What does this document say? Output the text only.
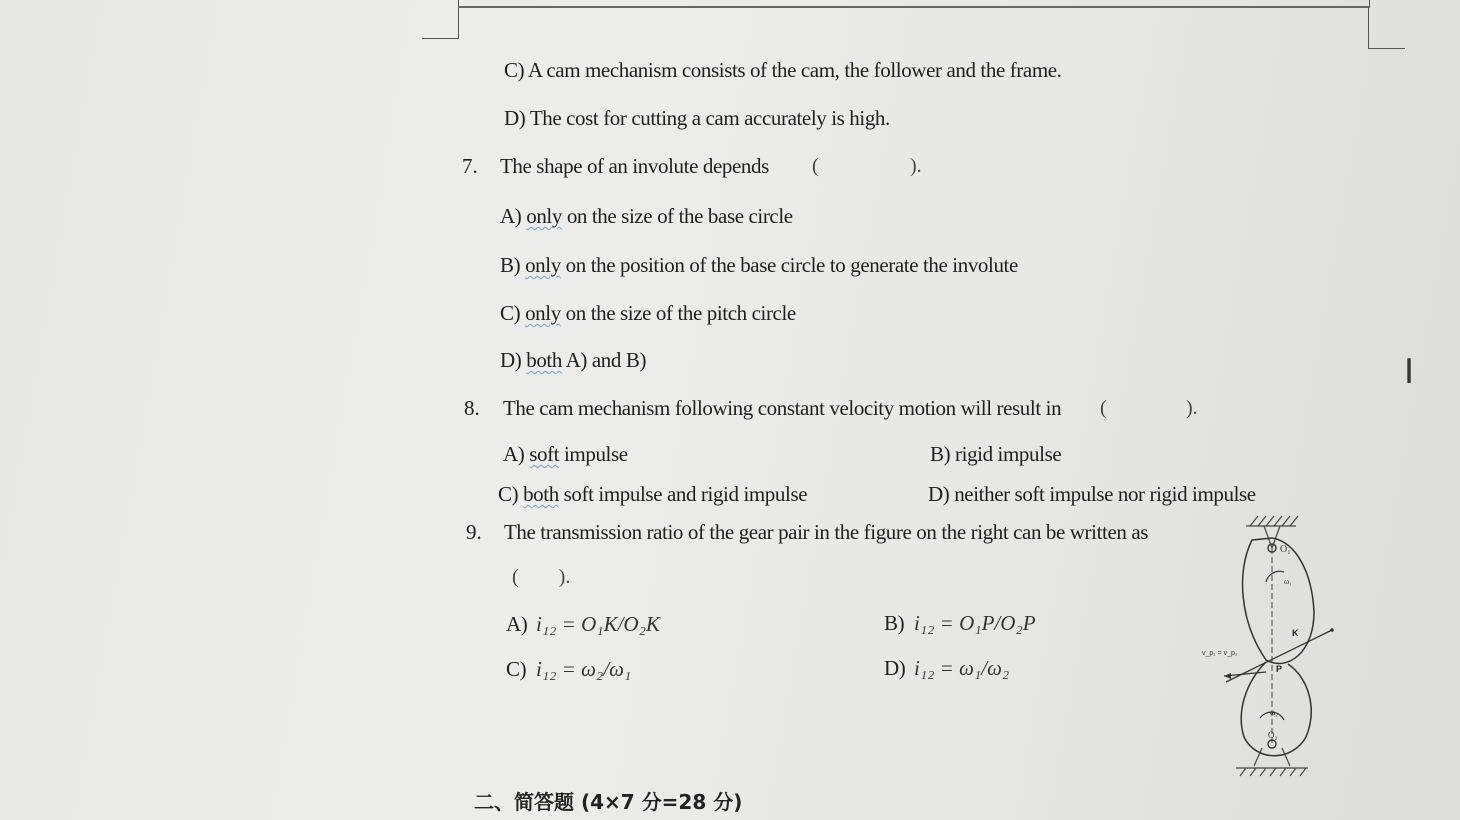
C) A cam mechanism consists of the cam, the follower and the frame.
D) The cost for cutting a cam accurately is high.
7. The shape of an involute depends (	).
A) only on the size of the base circle
B) only on the position of the base circle to generate the involute
C) only on the size of the pitch circle
D) both A) and B)
8. The cam mechanism following constant velocity motion will result in (	).
A) soft impulse	B) rigid impulse
C) both soft impulse and rigid impulse	D) neither soft impulse nor rigid impulse
9. The transmission ratio of the gear pair in the figure on the right can be written as
(        ).
A) i₁₂ = O₁K/O₂K	B) i₁₂ = O₁P/O₂P
C) i₁₂ = ω₂/ω₁	D) i₁₂ = ω₁/ω₂
O₁
ω₁
K
v_p₁ = v_p₂
P
ω₂
O₂
I
二、简答题 (4×7 分=28 分)
